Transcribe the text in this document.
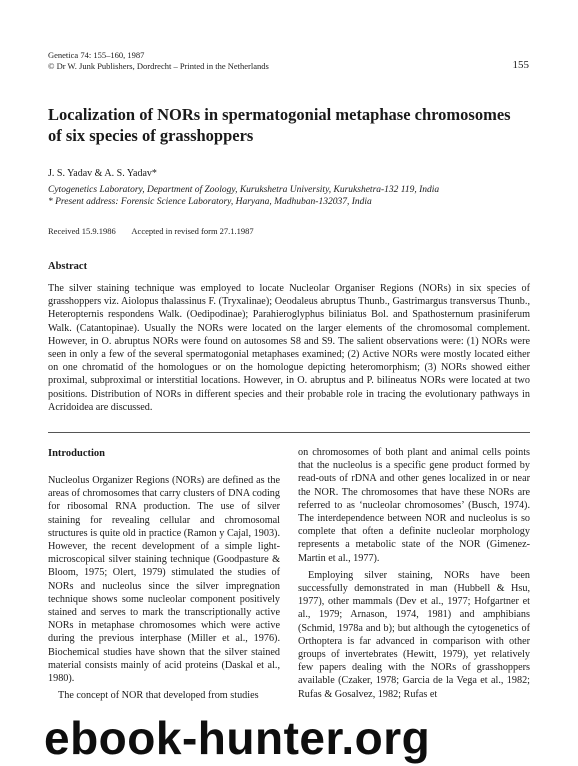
Genetica 74: 155–160, 1987
© Dr W. Junk Publishers, Dordrecht – Printed in the Netherlands	155
Localization of NORs in spermatogonial metaphase chromosomes of six species of grasshoppers
J. S. Yadav & A. S. Yadav*
Cytogenetics Laboratory, Department of Zoology, Kurukshetra University, Kurukshetra-132 119, India
* Present address: Forensic Science Laboratory, Haryana, Madhuban-132037, India
Received 15.9.1986 Accepted in revised form 27.1.1987
Abstract

The silver staining technique was employed to locate Nucleolar Organiser Regions (NORs) in six species of grasshoppers viz. Aiolopus thalassinus F. (Tryxalinae); Oeodaleus abruptus Thunb., Gastrimargus transversus Thunb., Heteropternis respondens Walk. (Oedipodinae); Parahieroglyphus biliniatus Bol. and Spathosternum prasiniferum Walk. (Catantopinae). Usually the NORs were located on the larger elements of the chromosomal complement. However, in O. abruptus NORs were found on autosomes S8 and S9. The salient observations were: (1) NORs were seen in only a few of the several spermatogonial metaphases examined; (2) Active NORs were mostly located either on one chromatid of the homologues or on the homologue depicting heteromorphism; (3) NORs showed either proximal, subproximal or interstitial locations. However, in O. abruptus and P. bilineatus NORs were located at two positions. Distribution of NORs in different species and their probable role in tracing the evolutionary pathways in Acridoidea are discussed.

Introduction

Nucleolus Organizer Regions (NORs) are defined as the areas of chromosomes that carry clusters of DNA coding for ribosomal RNA production. The use of silver staining for revealing cellular and chromosomal structures is quite old in practice (Ramon y Cajal, 1903). However, the recent development of a simple light-microscopical silver staining technique (Goodpasture & Bloom, 1975; Olert, 1979) stimulated the studies of NORs and nucleolus since the silver impregnation technique shows some nucleolar component positively stained and serves to mark the transcriptionally active NORs in metaphase chromosomes which were active during the previous interphase (Miller et al., 1976). Biochemical studies have shown that the silver stained material consists mainly of acid proteins (Daskal et al., 1980).

The concept of NOR that developed from studies

on chromosomes of both plant and animal cells points that the nucleolus is a specific gene product formed by read-outs of rDNA and other genes localized in or near the NOR. The chromosomes that have these NORs are referred to as ‘nucleolar chromosomes’ (Busch, 1974). The interdependence between NOR and nucleolus is so complete that often a definite nucleolar morphology represents a metabolic state of the NOR (Gimenez-Martin et al., 1977).

Employing silver staining, NORs have been successfully demonstrated in man (Hubbell & Hsu, 1977), other mammals (Dev et al., 1977; Hofgartner et al., 1979; Arnason, 1974, 1981) and amphibians (Schmid, 1978a and b); but although the cytogenetics of Orthoptera is far advanced in comparison with other groups of invertebrates (Hewitt, 1979), yet relatively few papers dealing with the NORs of grasshoppers available (Czaker, 1978; Garcia de la Vega et al., 1982; Rufas & Gosalvez, 1982; Rufas et

ebook-hunter.org
